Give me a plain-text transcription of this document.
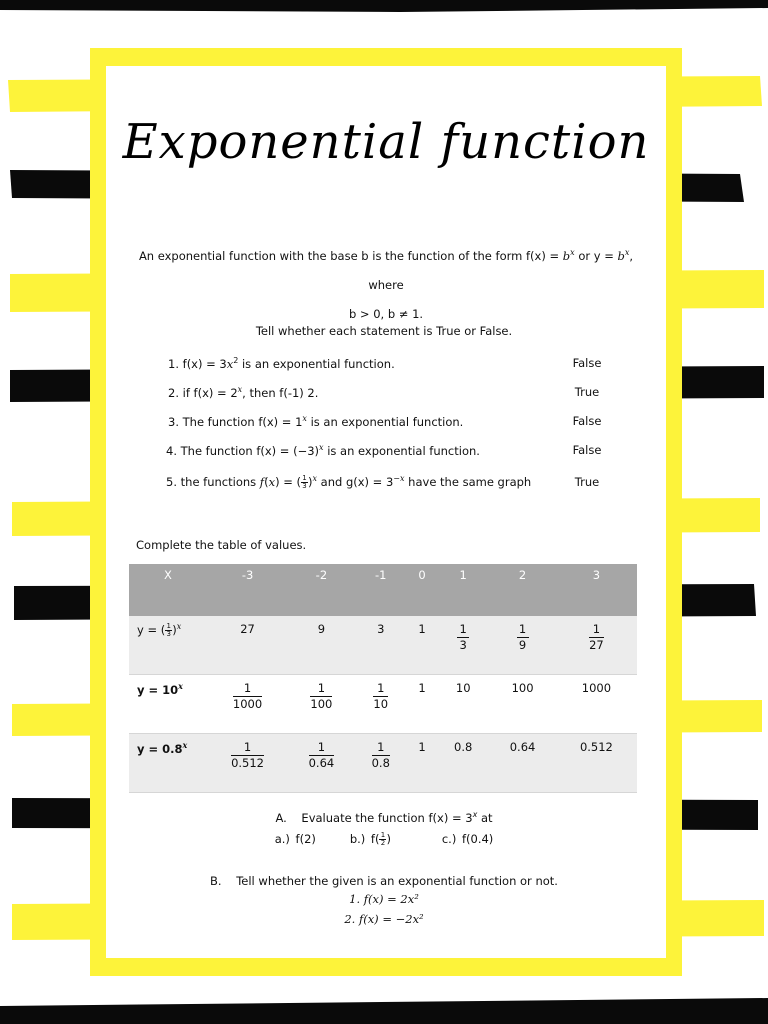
Exponential function
An exponential function with the base b is the function of the form $f(x) = b^x$ or $y = b^x$, where
b > 0, b ≠ 1.
Tell whether each statement is True or False.
1. $f(x) = 3x^2$ is an exponential function.	False
2. if $f(x) = 2^x$, then f(-1) 2.	True
3. The function $f(x) = 1^x$ is an exponential function.	False
4. The function $f(x) = (-3)^x$ is an exponential function.	False
5. the functions f(x) = ( $\frac{1}{3} )^x$ and $g(x) = 3^{-x}$ have the same graph	True
Complete the table of values.
X	-3	-2	-1	0	1	2	3
y = ( $\frac{1}{3} )^x$	27	9	3	1	$\frac{1}{3}$	$\frac{1}{9}$	$\frac{1}{27}$

$y = 10^x$	$\frac{1}{1000}$	$\frac{1}{100}$	$\frac{1}{10}$	1	10	100	1000
$y = 0.8^x$	$\frac{1}{0.512}$	$\frac{1}{0.64}$	$\frac{1}{0.8}$	1	0.8	0.64	0.512
A. Evaluate the function $f(x) = 3^x$ at
a.) f(2)	b.) $f( \frac{1}{2}$ )	c.) f(0.4)
B. Tell whether the given is an exponential function or not.
1. f(x) = 2x²
2. f(x) = −2x²
